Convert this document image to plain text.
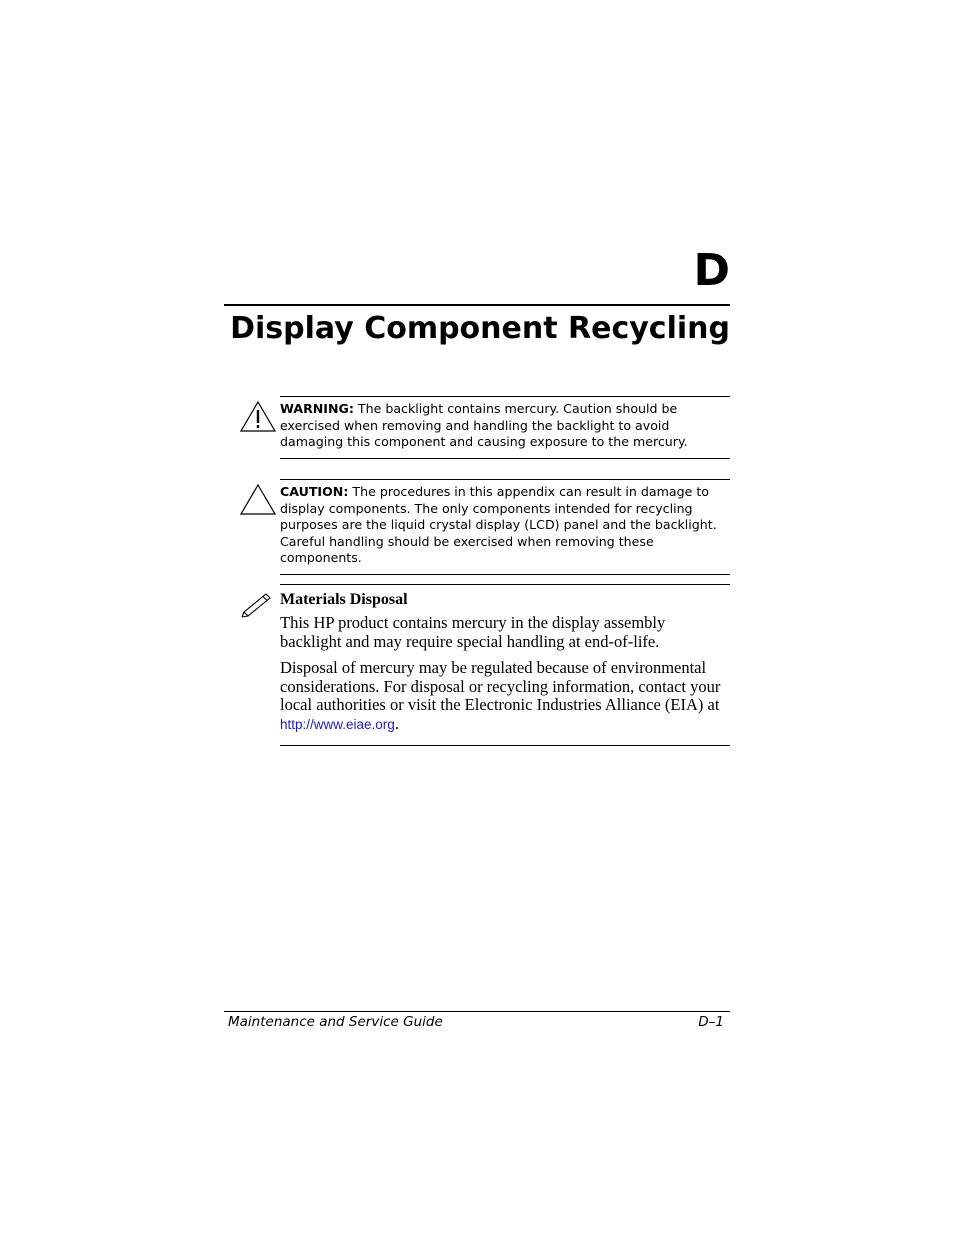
D
Display Component Recycling
WARNING: The backlight contains mercury. Caution should be exercised when removing and handling the backlight to avoid damaging this component and causing exposure to the mercury.
CAUTION: The procedures in this appendix can result in damage to display components. The only components intended for recycling purposes are the liquid crystal display (LCD) panel and the backlight. Careful handling should be exercised when removing these components.
Materials Disposal
This HP product contains mercury in the display assembly backlight and may require special handling at end-of-life.
Disposal of mercury may be regulated because of environmental considerations. For disposal or recycling information, contact your local authorities or visit the Electronic Industries Alliance (EIA) at http://www.eiae.org.
Maintenance and Service Guide	D–1
